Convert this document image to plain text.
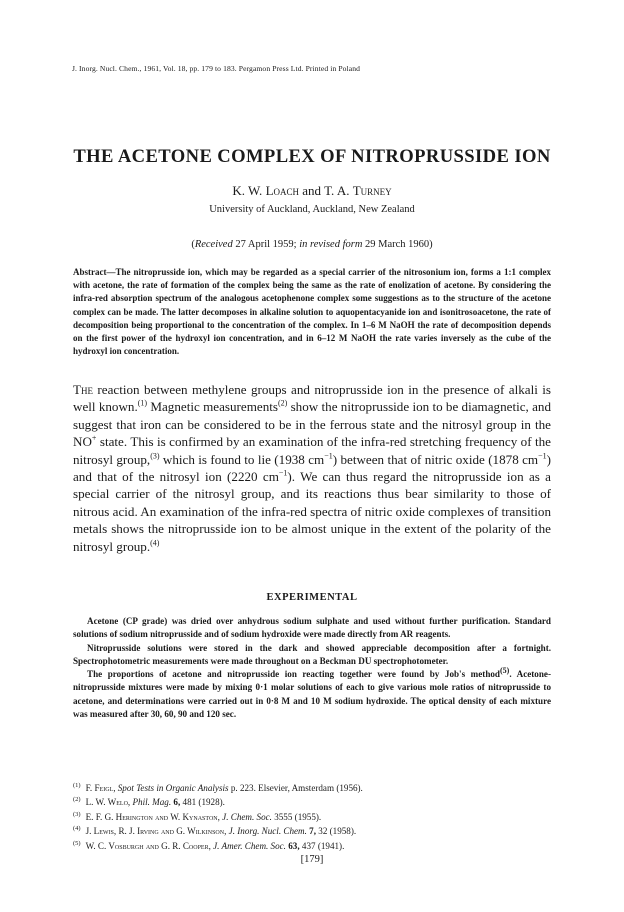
J. Inorg. Nucl. Chem., 1961, Vol. 18, pp. 179 to 183. Pergamon Press Ltd. Printed in Poland
THE ACETONE COMPLEX OF NITROPRUSSIDE ION
K. W. Loach and T. A. Turney
University of Auckland, Auckland, New Zealand
(Received 27 April 1959; in revised form 29 March 1960)
Abstract—The nitroprusside ion, which may be regarded as a special carrier of the nitrosonium ion, forms a 1:1 complex with acetone, the rate of formation of the complex being the same as the rate of enolization of acetone. By considering the infra-red absorption spectrum of the analogous acetophenone complex some suggestions as to the structure of the acetone complex can be made. The latter decomposes in alkaline solution to aquopentacyanide ion and isonitrosoacetone, the rate of decomposition being proportional to the concentration of the complex. In 1–6 M NaOH the rate of decomposition depends on the first power of the hydroxyl ion concentration, and in 6–12 M NaOH the rate varies inversely as the cube of the hydroxyl ion concentration.
The reaction between methylene groups and nitroprusside ion in the presence of alkali is well known.$^{(1)}$ Magnetic measurements$^{(2)}$ show the nitroprusside ion to be diamagnetic, and suggest that iron can be considered to be in the ferrous state and the nitrosyl group in the NO+ state. This is confirmed by an examination of the infra-red stretching frequency of the nitrosyl group,$^{(3)}$ which is found to lie (1938 $cm^{-1}$) between that of nitric oxide (1878 $cm^{-1}$) and that of the nitrosyl ion (2220 $cm^{-1}$). We can thus regard the nitroprusside ion as a special carrier of the nitrosyl group, and its reactions thus bear similarity to those of nitrous acid. An examination of the infra-red spectra of nitric oxide complexes of transition metals shows the nitroprusside ion to be almost unique in the extent of the polarity of the nitrosyl group.$^{(4)}$
EXPERIMENTAL

Acetone (CP grade) was dried over anhydrous sodium sulphate and used without further purification. Standard solutions of sodium nitroprusside and of sodium hydroxide were made directly from AR reagents.

Nitroprusside solutions were stored in the dark and showed appreciable decomposition after a fortnight. Spectrophotometric measurements were made throughout on a Beckman DU spectrophotometer.

The proportions of acetone and nitroprusside ion reacting together were found by Job's method(5). Acetone-nitroprusside mixtures were made by mixing 0·1 molar solutions of each to give various mole ratios of nitroprusside to acetone, and determinations were carried out in 0·8 M and 10 M sodium hydroxide. The optical density of each mixture was measured after 30, 60, 90 and 120 sec.

$^{(1)}$ F. Feigl, Spot Tests in Organic Analysis p. 223. Elsevier, Amsterdam (1956).
$^{(2)}$ L. W. Welo, Phil. Mag. 6, 481 (1928).
$^{(3)}$ E. F. G. Herington and W. Kynaston, J. Chem. Soc. 3555 (1955).
$^{(4)}$ J. Lewis, R. J. Irving and G. Wilkinson, J. Inorg. Nucl. Chem. 7, 32 (1958).
$^{(5)}$ W. C. Vosburgh and G. R. Cooper, J. Amer. Chem. Soc. 63, 437 (1941).
[179]
